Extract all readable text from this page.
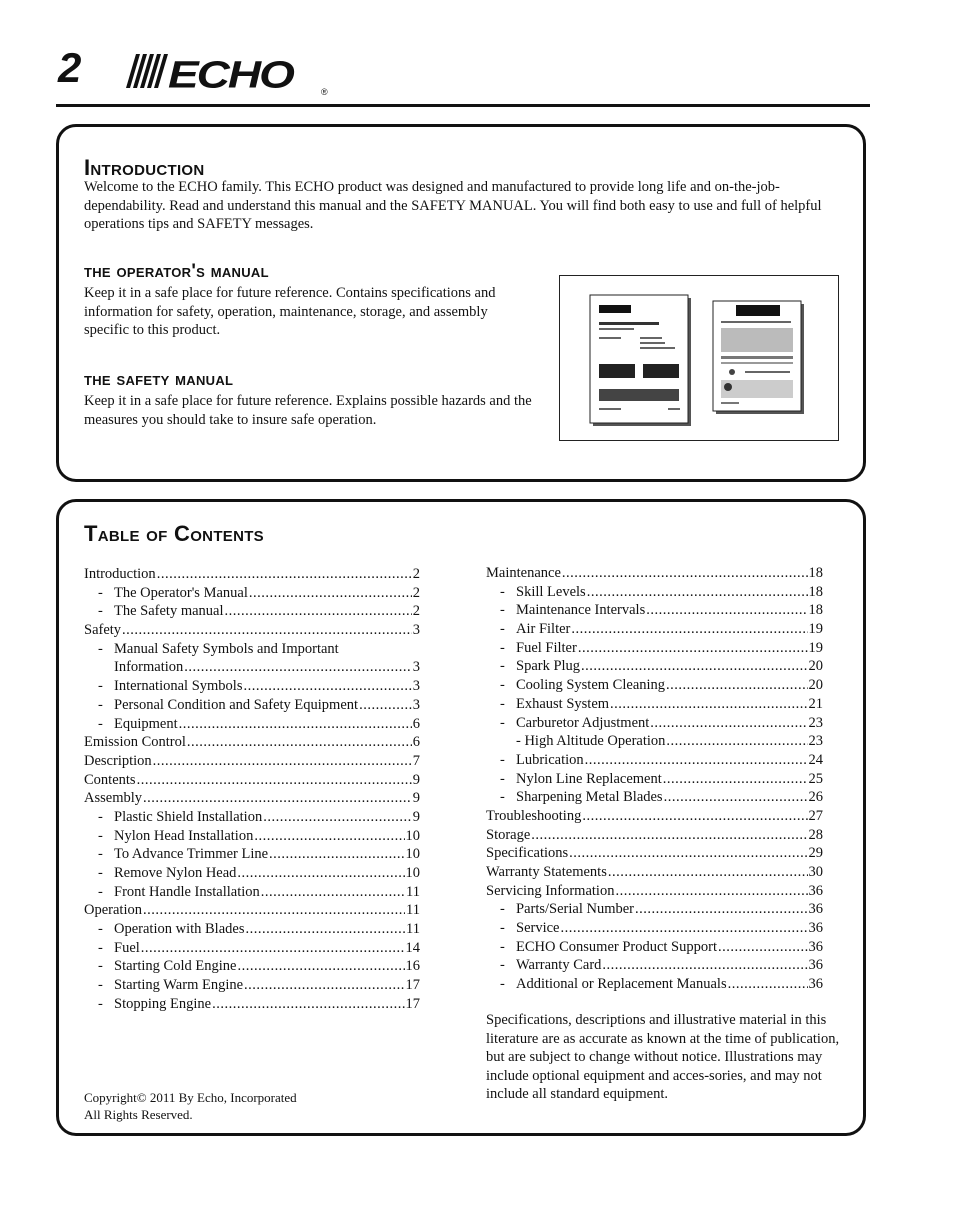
2 ECHO	®
Introduction

Welcome to the ECHO family. This ECHO product was designed and manufactured to provide long life and on-the-job-dependability. Read and understand this manual and the SAFETY MANUAL. You will find both easy to use and full of helpful operations tips and SAFETY messages.

the operator's manual

Keep it in a safe place for future reference. Contains specifications and information for safety, operation, maintenance, storage, and assembly specific to this product.

the safety manual

Keep it in a safe place for future reference. Explains possible hazards and the measures you should take to insure safe operation.

Table of Contents
Introduction .....	2
- The Operator's Manual .....	2
- The Safety manual .....	2
Safety .....	3
- Manual Safety Symbols and Important
Information .....	3
- International Symbols .....	3
- Personal Condition and Safety Equipment .....	3
- Equipment .....	6
Emission Control .....	6
Description .....	7
Contents .....	9
Assembly .....	9
- Plastic Shield Installation .....	9
- Nylon Head Installation .....	10
- To Advance Trimmer Line .....	10
- Remove Nylon Head .....	10
- Front Handle Installation .....	11
Operation .....	11
- Operation with Blades .....	11
- Fuel .....	14
- Starting Cold Engine .....	16
- Starting Warm Engine .....	17
- Stopping Engine .....	17
Maintenance .....	18
- Skill Levels .....	18
- Maintenance Intervals .....	18
- Air Filter .....	19
- Fuel Filter .....	19
- Spark Plug .....	20
- Cooling System Cleaning .....	20
- Exhaust System .....	21
- Carburetor Adjustment .....	23
- High Altitude Operation .....	23
- Lubrication .....	24
- Nylon Line Replacement .....	25
- Sharpening Metal Blades .....	26
Troubleshooting .....	27
Storage .....	28
Specifications .....	29
Warranty Statements .....	30
Servicing Information .....	36
- Parts/Serial Number .....	36
- Service .....	36
- ECHO Consumer Product Support .....	36
- Warranty Card .....	36
- Additional or Replacement Manuals .....	36
Copyright© 2011 By Echo, Incorporated
All Rights Reserved.

Specifications, descriptions and illustrative material in this literature are as accurate as known at the time of publication, but are subject to change without notice. Illustrations may include optional equipment and acces-sories, and may not include all standard equipment.
